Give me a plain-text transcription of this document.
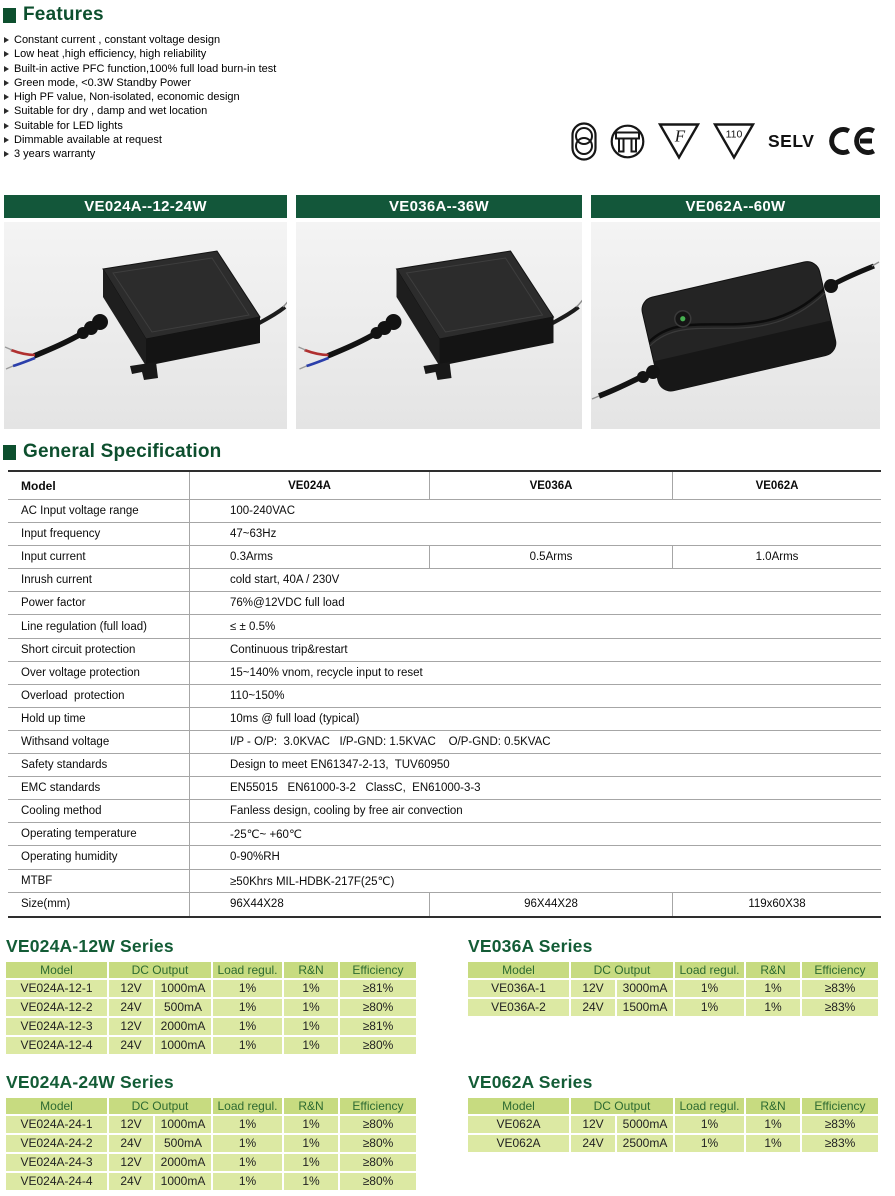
Features
Constant current , constant voltage design
Low heat ,high efficiency, high reliability
Built-in active PFC function,100% full load burn-in test
Green mode, <0.3W Standby Power
High PF value, Non-isolated, economic design
Suitable for dry , damp and wet location
Suitable for LED lights
Dimmable available at request
3 years warranty
F	110 SELV
VE024A--12-24W	VE036A--36W	VE062A--60W
General Specification
Model	VE024A	VE036A	VE062A
AC Input voltage range	100-240VAC
Input frequency	47~63Hz
Input current	0.3Arms	0.5Arms	1.0Arms
Inrush current	cold start, 40A / 230V
Power factor	76%@12VDC full load
Line regulation (full load)	≤ ± 0.5%
Short circuit protection	Continuous trip&restart
Over voltage protection	15~140% vnom, recycle input to reset
Overload  protection	110~150%
Hold up time	10ms @ full load (typical)
Withsand voltage	I/P - O/P:  3.0KVAC   I/P-GND: 1.5KVAC    O/P-GND: 0.5KVAC
Safety standards	Design to meet EN61347-2-13,  TUV60950
EMC standards	EN55015   EN61000-3-2   ClassC,  EN61000-3-3
Cooling method	Fanless design, cooling by free air convection
Operating temperature	-25℃~ +60℃
Operating humidity	0-90%RH
MTBF	≥50Khrs MIL-HDBK-217F(25℃)
Size(mm)	96X44X28	96X44X28	119x60X38
VE024A-12W Series
Model	DC Output	Load regul.	R&N	Efficiency
VE024A-12-1	12V	1000mA	1%	1%	≥81%
VE024A-12-2	24V	500mA	1%	1%	≥80%
VE024A-12-3	12V	2000mA	1%	1%	≥81%
VE024A-12-4	24V	1000mA	1%	1%	≥80%
VE036A Series
Model	DC Output	Load regul.	R&N	Efficiency
VE036A-1	12V	3000mA	1%	1%	≥83%
VE036A-2	24V	1500mA	1%	1%	≥83%
VE024A-24W Series
Model	DC Output	Load regul.	R&N	Efficiency
VE024A-24-1	12V	1000mA	1%	1%	≥80%
VE024A-24-2	24V	500mA	1%	1%	≥80%
VE024A-24-3	12V	2000mA	1%	1%	≥80%
VE024A-24-4	24V	1000mA	1%	1%	≥80%
VE062A Series
Model	DC Output	Load regul.	R&N	Efficiency
VE062A	12V	5000mA	1%	1%	≥83%
VE062A	24V	2500mA	1%	1%	≥83%
